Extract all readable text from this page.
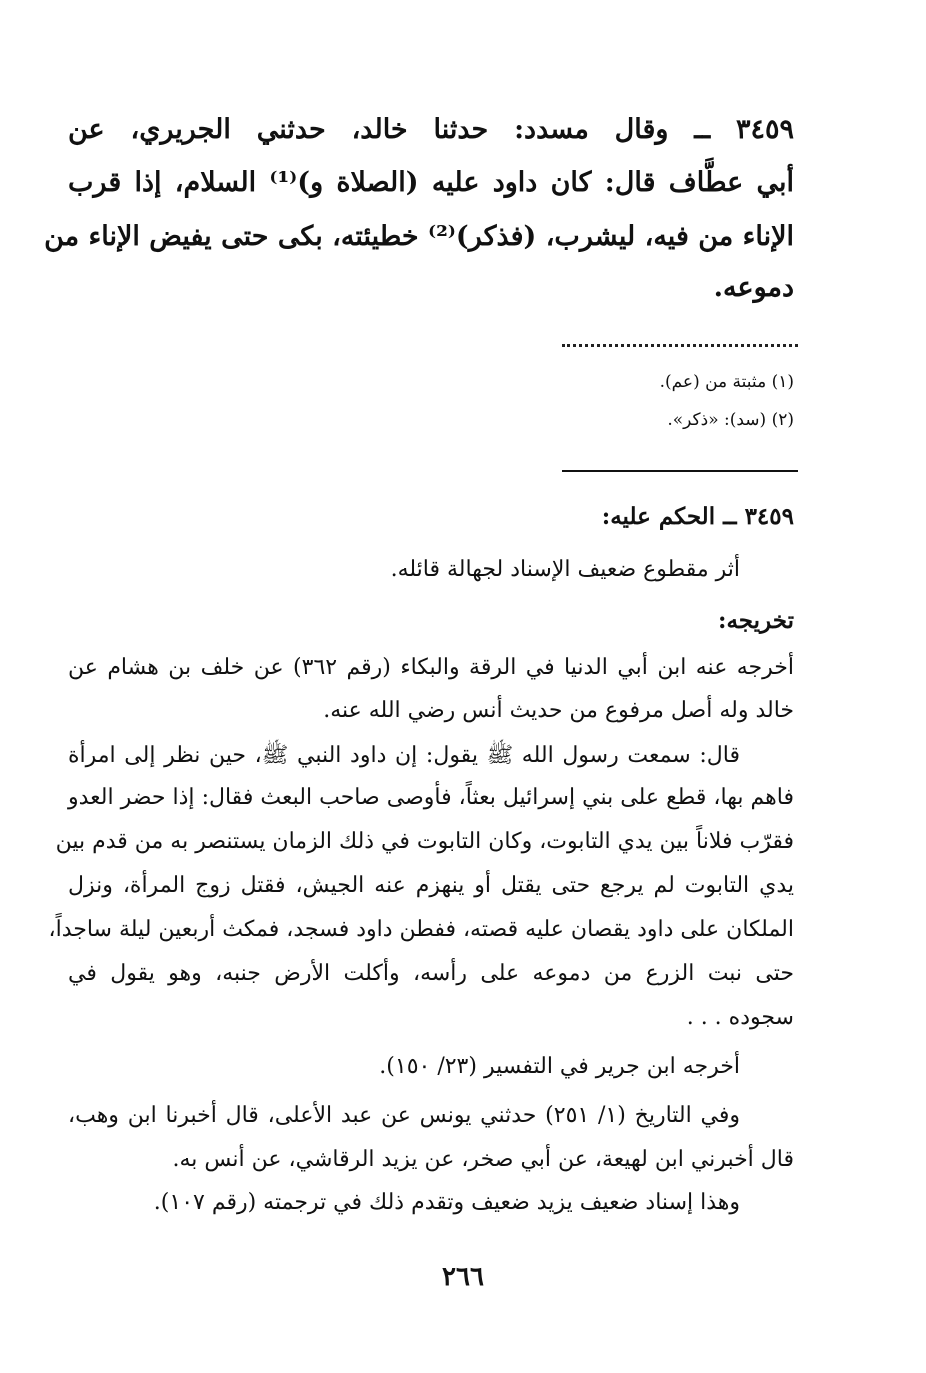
٣٤٥٩ ــ وقال مسدد: حدثنا خالد، حدثني الجريري، عن

أبي عطَّاف قال: كان داود عليه (الصلاة و)⁽¹⁾ السلام، إذا قرب

الإناء من فيه، ليشرب، (فذكر)⁽²⁾ خطيئته، بكى حتى يفيض الإناء من

دموعه.

(١) مثبتة من (عم).

(٢) (سد): «ذكر».

٣٤٥٩ ــ الحكم عليه:

أثر مقطوع ضعيف الإسناد لجهالة قائله.

تخريجه:

أخرجه عنه ابن أبي الدنيا في الرقة والبكاء (رقم ٣٦٢) عن خلف بن هشام عن

خالد وله أصل مرفوع من حديث أنس رضي الله عنه.

قال: سمعت رسول الله ﷺ يقول: إن داود النبي ﷺ، حين نظر إلى امرأة

فاهم بها، قطع على بني إسرائيل بعثاً، فأوصى صاحب البعث فقال: إذا حضر العدو

فقرّب فلاناً بين يدي التابوت، وكان التابوت في ذلك الزمان يستنصر به من قدم بين

يدي التابوت لم يرجع حتى يقتل أو ينهزم عنه الجيش، فقتل زوج المرأة، ونزل

الملكان على داود يقصان عليه قصته، ففطن داود فسجد، فمكث أربعين ليلة ساجداً،

حتى نبت الزرع من دموعه على رأسه، وأكلت الأرض جنبه، وهو يقول في

سجوده . . .

أخرجه ابن جرير في التفسير (٢٣/ ١٥٠).

وفي التاريخ (١/ ٢٥١) حدثني يونس عن عبد الأعلى، قال أخبرنا ابن وهب،

قال أخبرني ابن لهيعة، عن أبي صخر، عن يزيد الرقاشي، عن أنس به.

وهذا إسناد ضعيف يزيد ضعيف وتقدم ذلك في ترجمته (رقم ١٠٧).

٢٦٦
